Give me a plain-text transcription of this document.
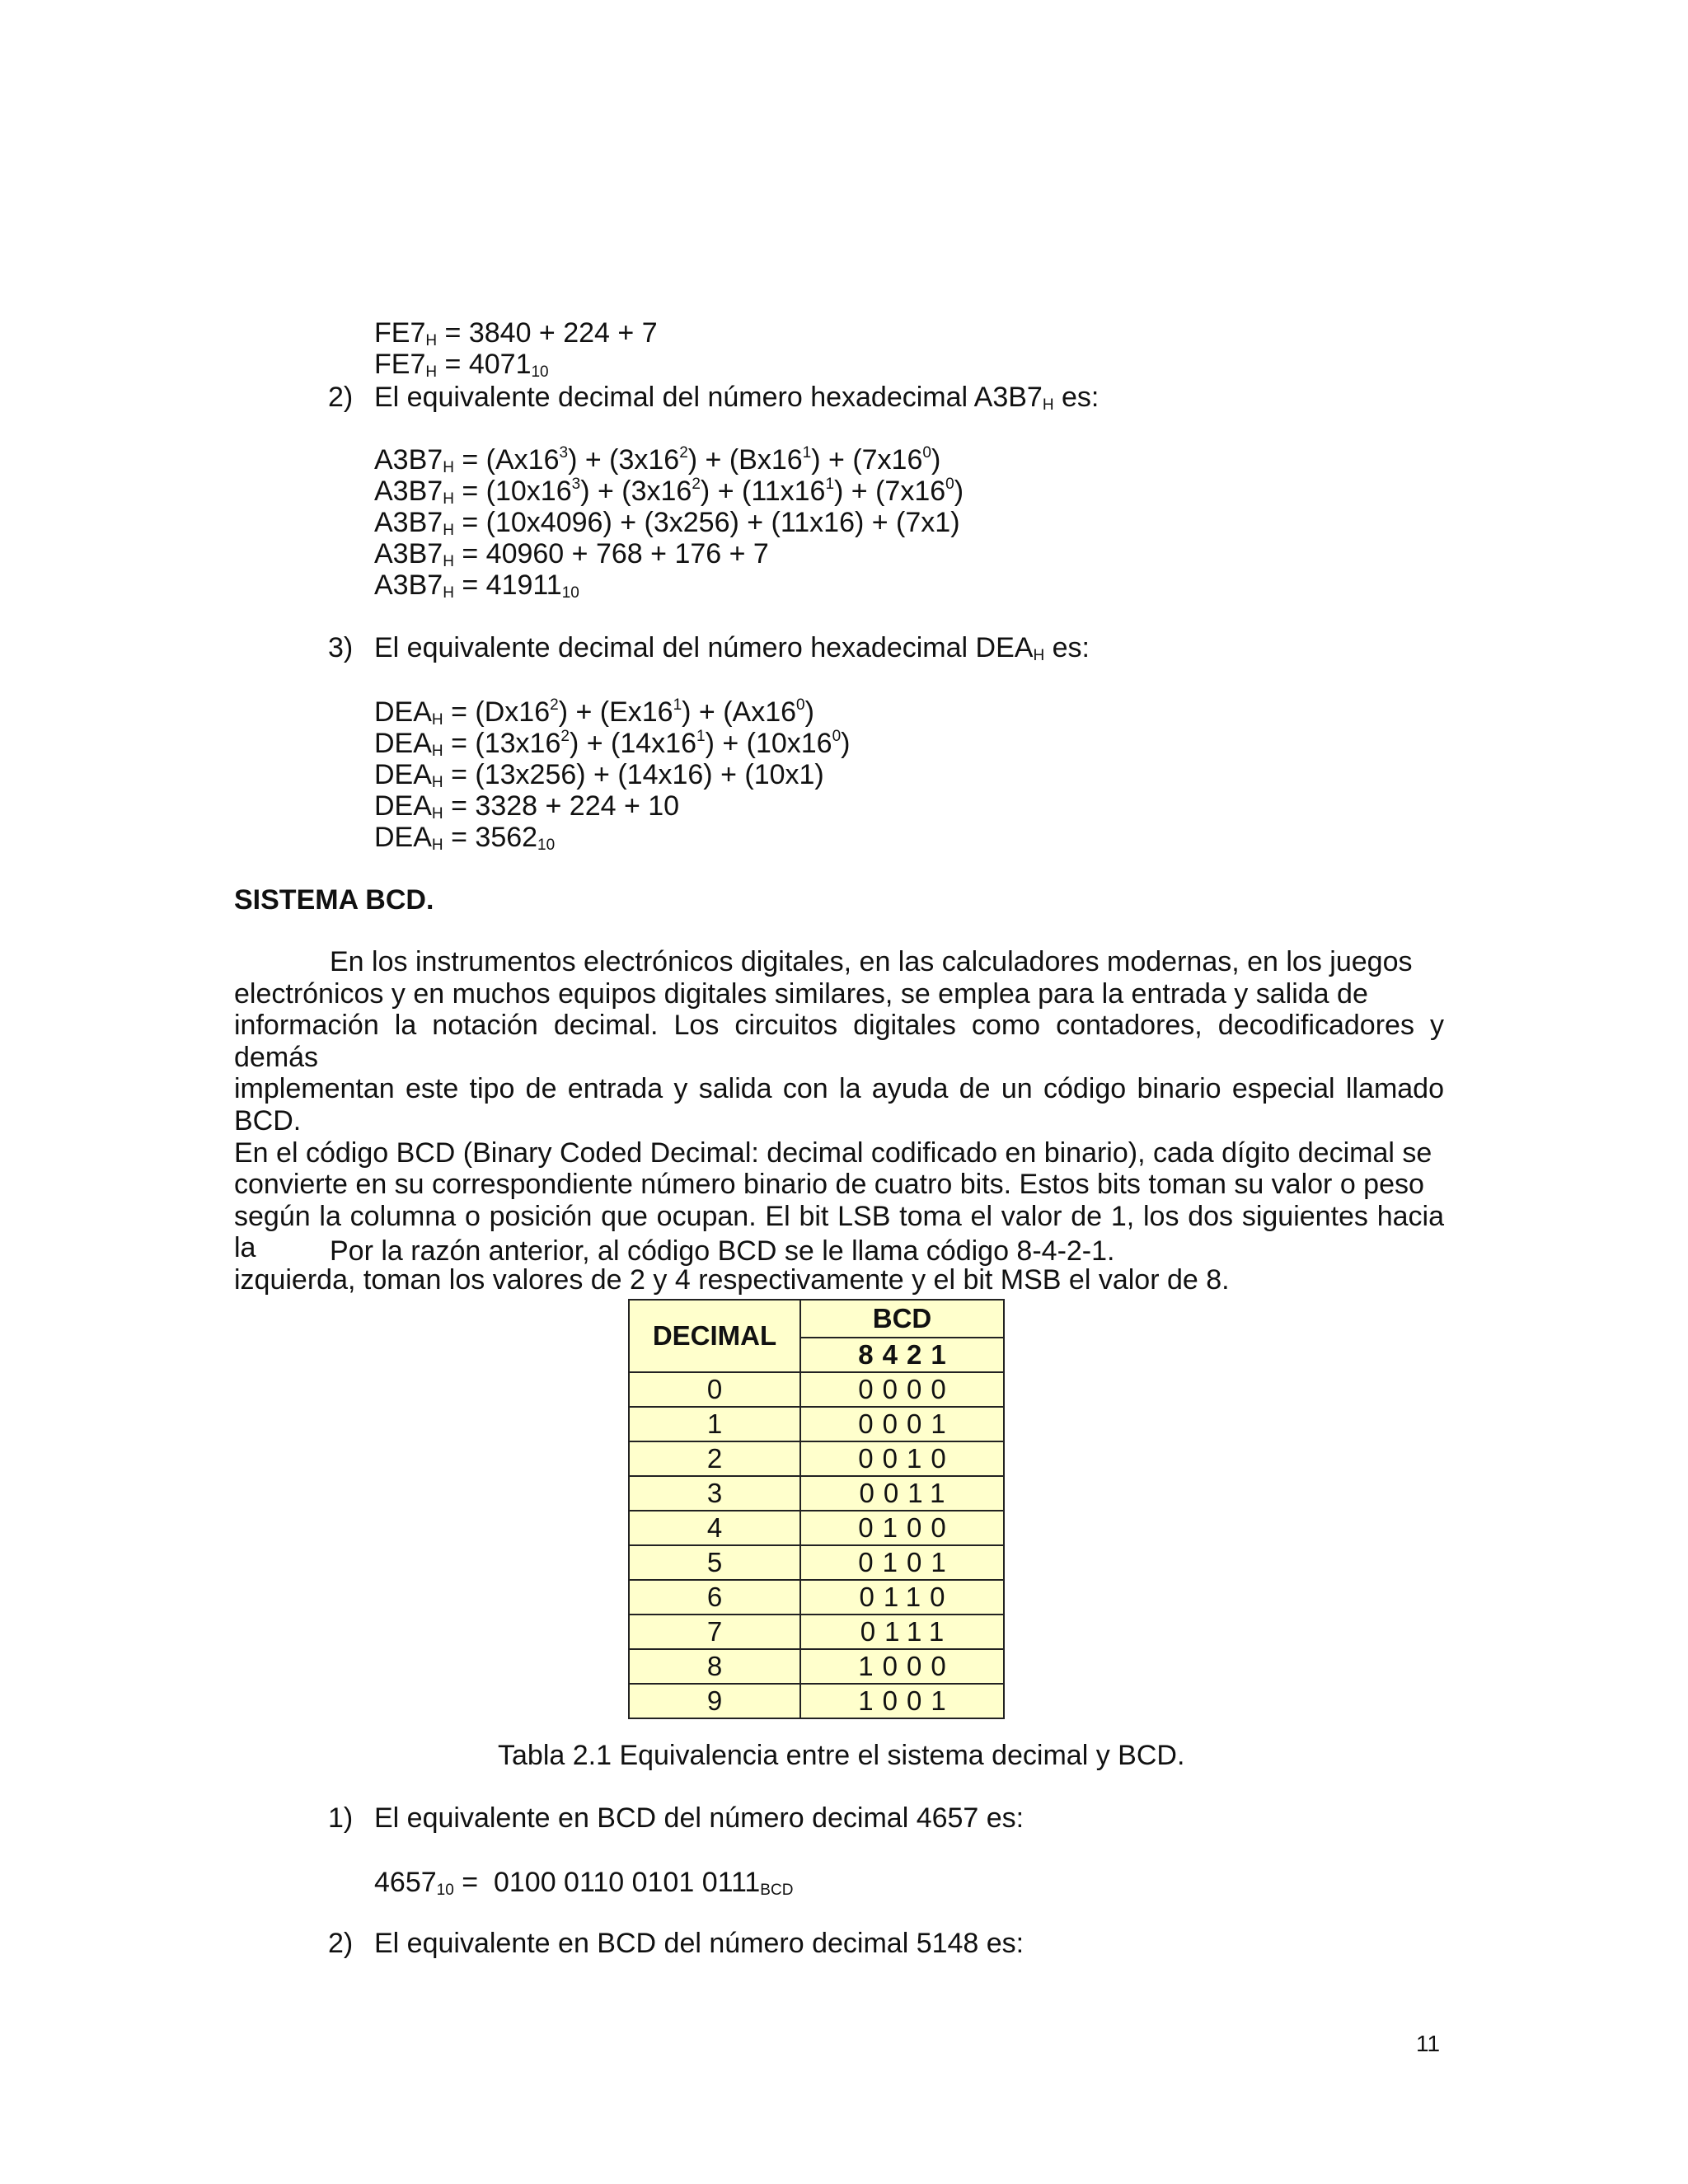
$FE7_H = 3840 + 224 + 7$
$FE7_H = 4071_{10}$
2) El equivalente decimal del número hexadecimal $A3B7_H$ es:
$A3B7_H = (Ax16^3) + (3x16^2) + (Bx16^1) + (7x16^0)$
$A3B7_H = (10x16^3) + (3x16^2) + (11x16^1) + (7x16^0)$
$A3B7_H = (10x4096) + (3x256) + (11x16) + (7x1)$
$A3B7_H = 40960 + 768 + 176 + 7$
$A3B7_H = 41911_{10}$
3) El equivalente decimal del número hexadecimal $DEA_H$ es:
$DEA_H = (Dx16^2) + (Ex16^1) + (Ax16^0)$
$DEA_H = (13x16^2) + (14x16^1) + (10x16^0)$
$DEA_H = (13x256) + (14x16) + (10x1)$
$DEA_H = 3328 + 224 + 10$
$DEA_H = 3562_{10}$
SISTEMA BCD.
En los instrumentos electrónicos digitales, en las calculadores modernas, en los juegos
electrónicos y en muchos equipos digitales similares, se emplea para la entrada y salida de
información la notación decimal. Los circuitos digitales como contadores, decodificadores y demás
implementan este tipo de entrada y salida con la ayuda de un código binario especial llamado BCD.
En el código BCD (Binary Coded Decimal: decimal codificado en binario), cada dígito decimal se
convierte en su correspondiente número binario de cuatro bits. Estos bits toman su valor o peso
según la columna o posición que ocupan. El bit LSB toma el valor de 1, los dos siguientes hacia la
izquierda, toman los valores de 2 y 4 respectivamente y el bit MSB el valor de 8.
Por la razón anterior, al código BCD se le llama código 8-4-2-1.
DECIMAL	BCD
	8421
0	0000
1	0001
2	0010
3	0011
4	0100
5	0101
6	0110
7	0111
8	1000
9	1001
Tabla 2.1 Equivalencia entre el sistema decimal y BCD.
1) El equivalente en BCD del número decimal 4657 es:
$4657_{10} = 0100$ 0110 0101 $0111_{BCD}$
2) El equivalente en BCD del número decimal 5148 es:
11
